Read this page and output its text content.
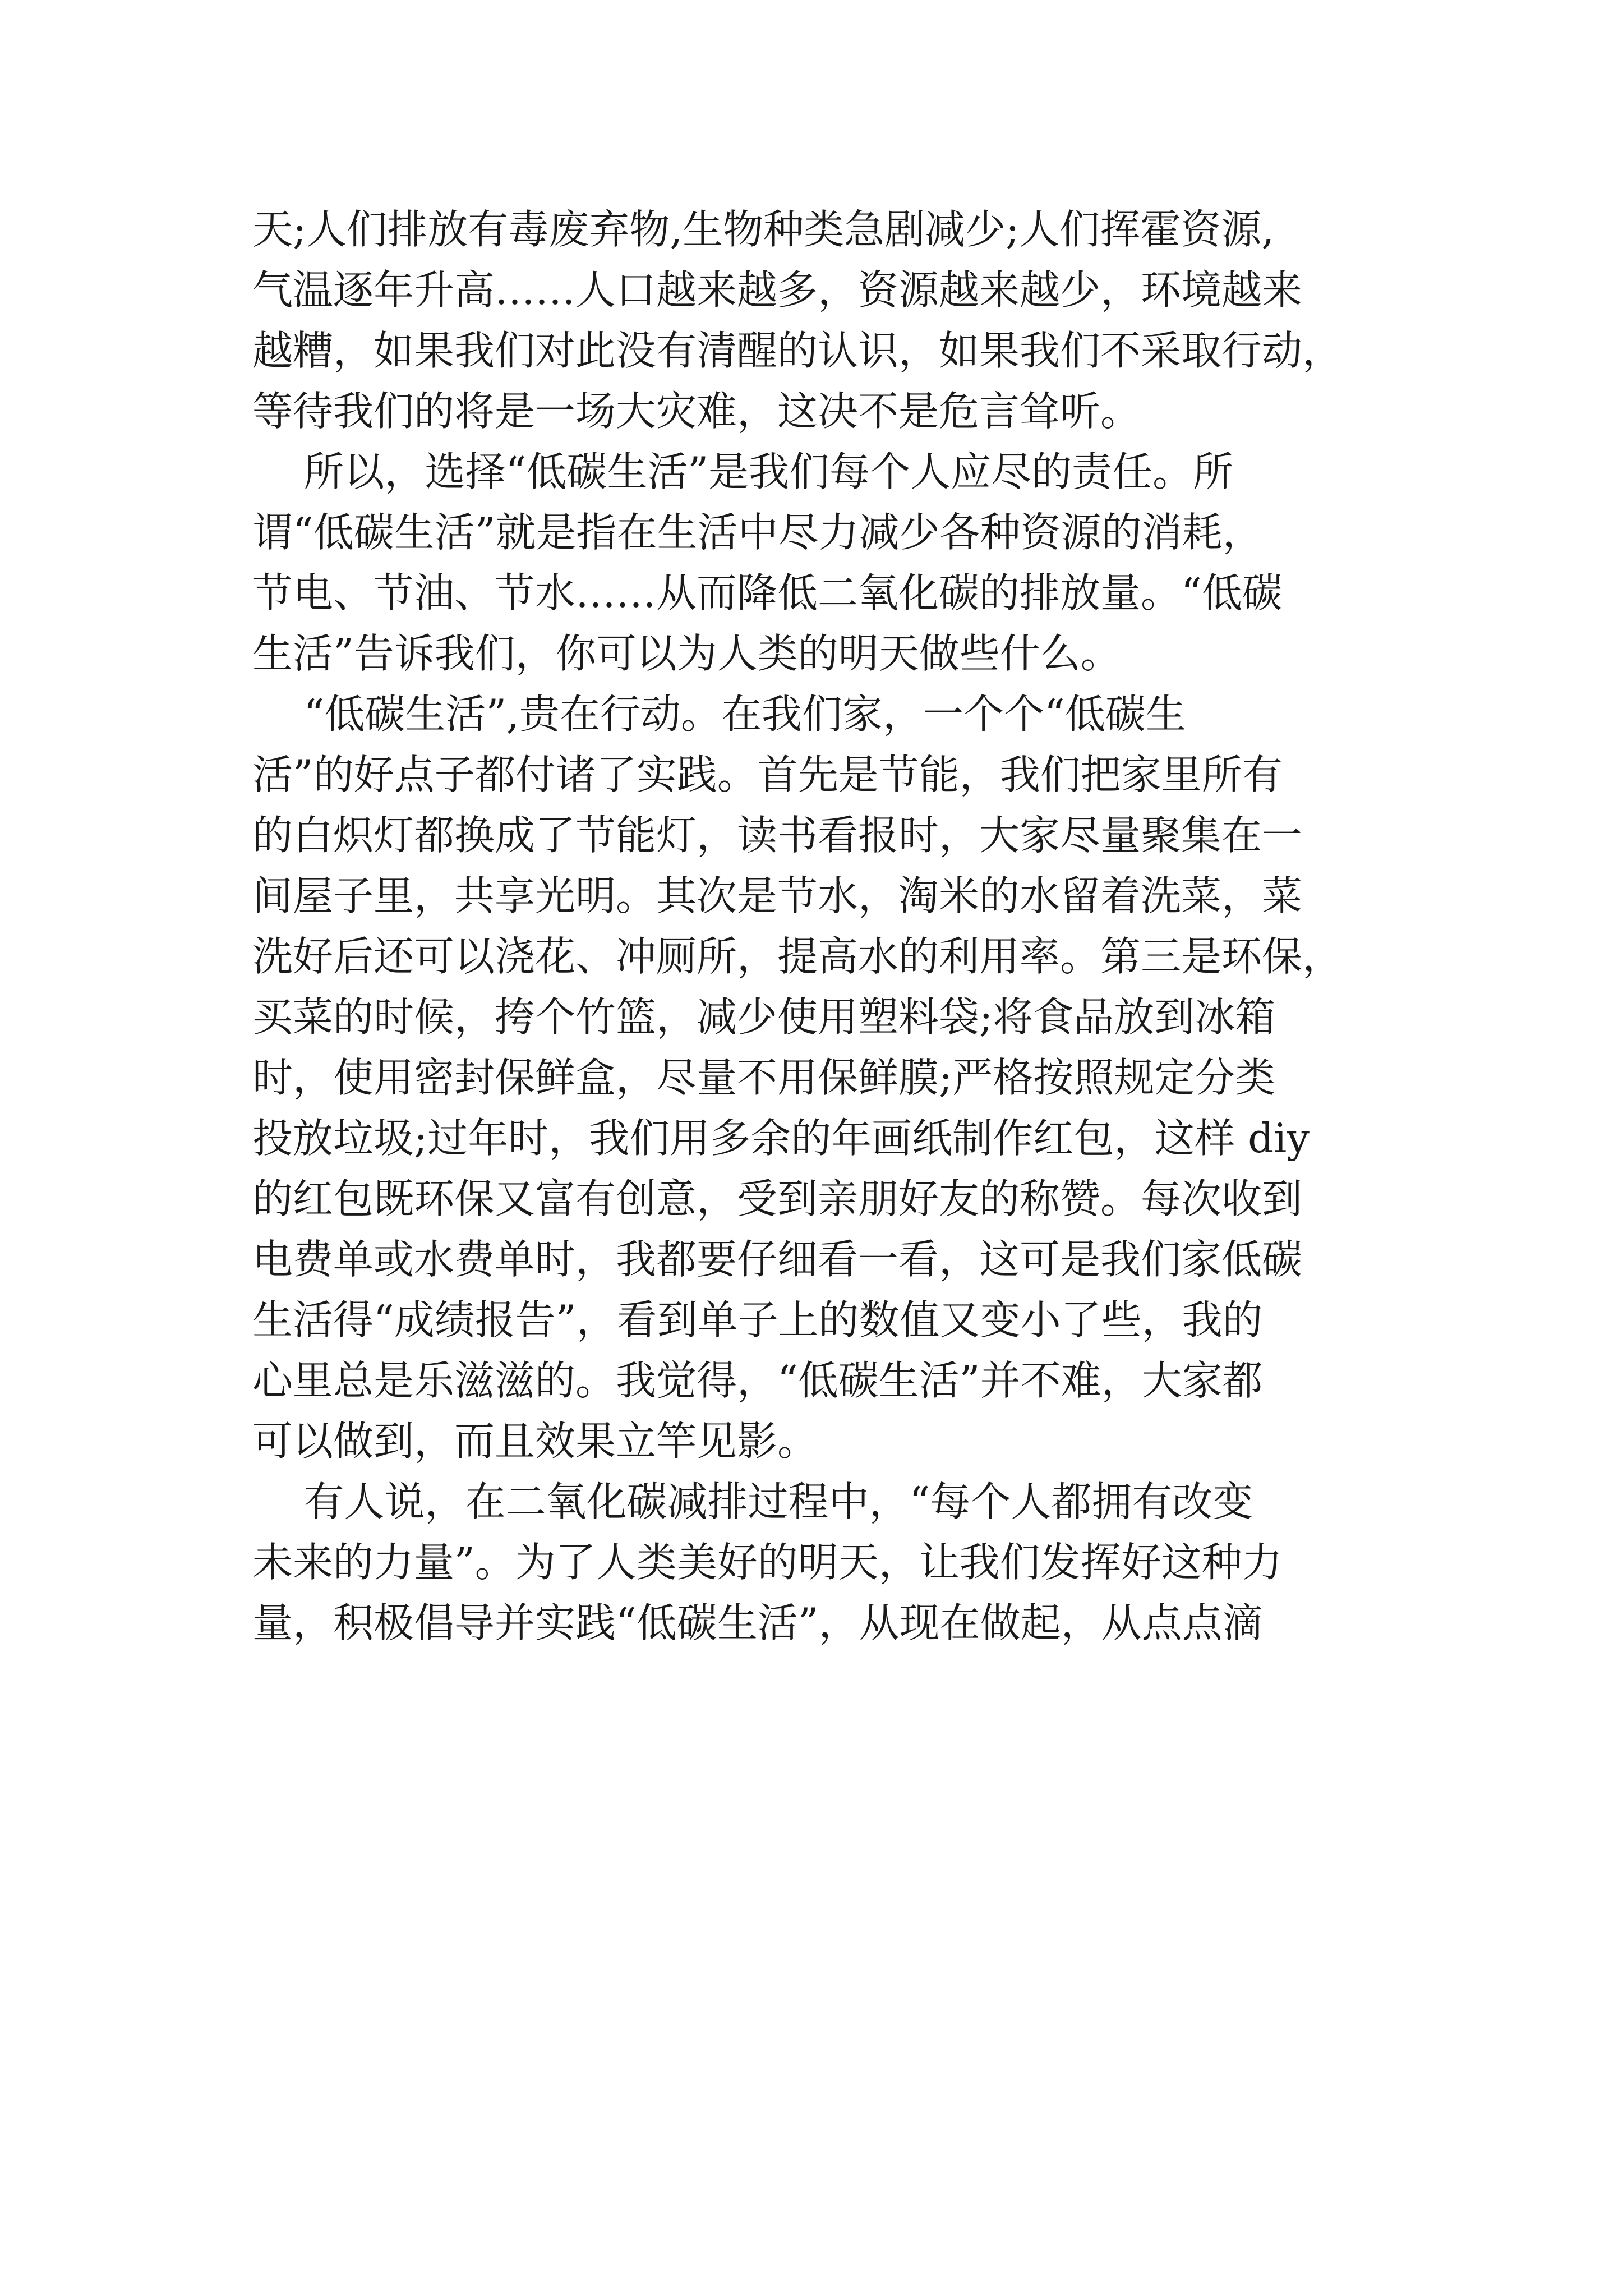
天;人们排放有毒废弃物,生物种类急剧减少;人们挥霍资源,
气温逐年升高……人口越来越多，资源越来越少，环境越来
越糟，如果我们对此没有清醒的认识，如果我们不采取行动，
等待我们的将是一场大灾难，这决不是危言耸听。
所以，选择“低碳生活”是我们每个人应尽的责任。所
谓“低碳生活”就是指在生活中尽力减少各种资源的消耗，
节电、节油、节水……从而降低二氧化碳的排放量。“低碳
生活”告诉我们，你可以为人类的明天做些什么。
“低碳生活”,贵在行动。在我们家，一个个“低碳生
活”的好点子都付诸了实践。首先是节能，我们把家里所有
的白炽灯都换成了节能灯，读书看报时，大家尽量聚集在一
间屋子里，共享光明。其次是节水，淘米的水留着洗菜，菜
洗好后还可以浇花、冲厕所，提高水的利用率。第三是环保，
买菜的时候，挎个竹篮，减少使用塑料袋;将食品放到冰箱
时，使用密封保鲜盒，尽量不用保鲜膜;严格按照规定分类
投放垃圾;过年时，我们用多余的年画纸制作红包，这样 diy
的红包既环保又富有创意，受到亲朋好友的称赞。每次收到
电费单或水费单时，我都要仔细看一看，这可是我们家低碳
生活得“成绩报告”，看到单子上的数值又变小了些，我的
心里总是乐滋滋的。我觉得，“低碳生活”并不难，大家都
可以做到，而且效果立竿见影。
有人说，在二氧化碳减排过程中，“每个人都拥有改变
未来的力量”。为了人类美好的明天，让我们发挥好这种力
量，积极倡导并实践“低碳生活”，从现在做起，从点点滴
